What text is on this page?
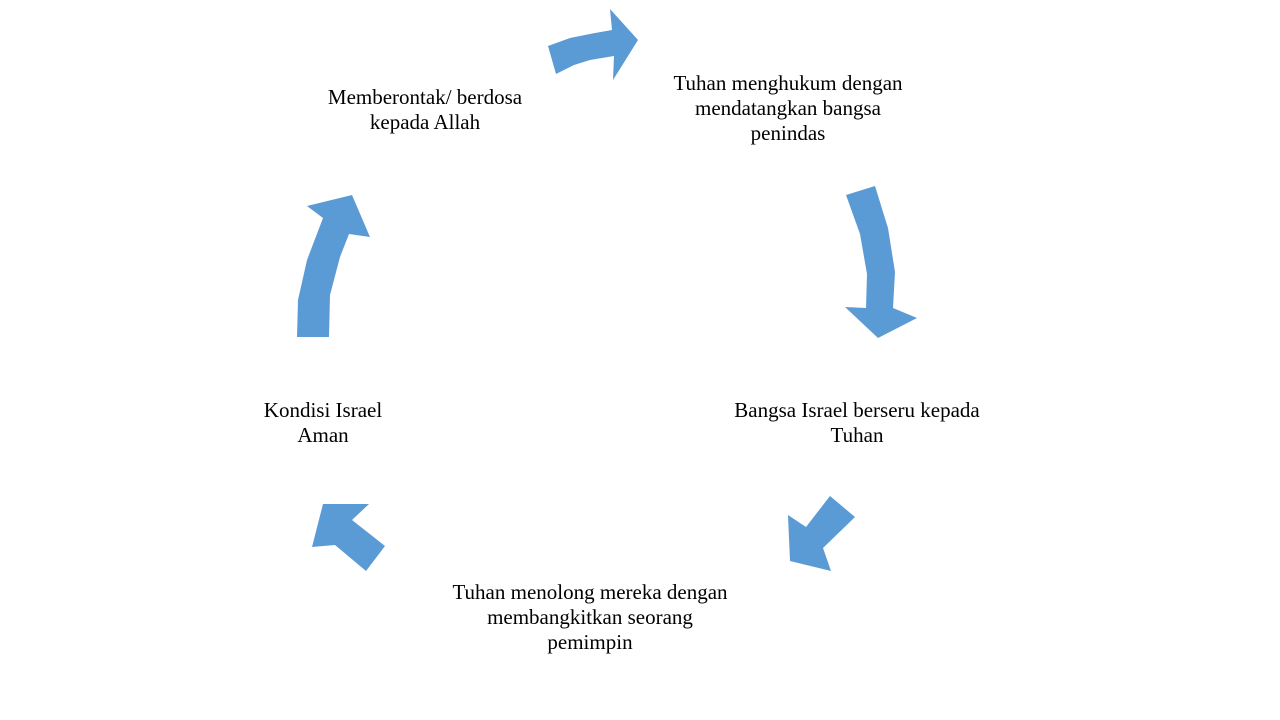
Memberontak/ berdosa
kepada Allah
Tuhan menghukum dengan
mendatangkan bangsa
penindas
Bangsa Israel berseru kepada
Tuhan
Tuhan menolong mereka dengan
membangkitkan seorang
pemimpin
Kondisi Israel
Aman
